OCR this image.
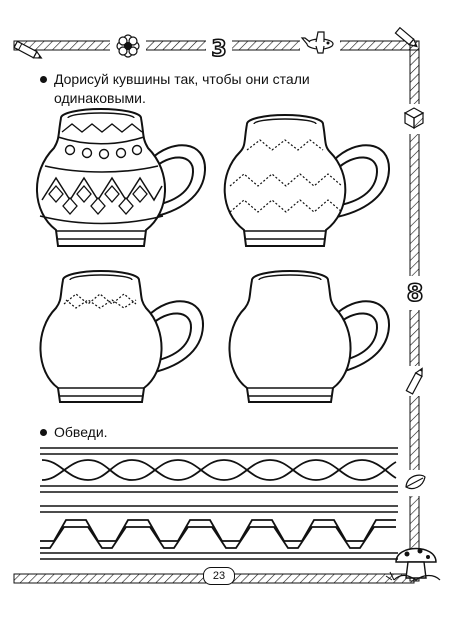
3
8
Дорисуй кувшины так, чтобы они стали
одинаковыми.
Обведи.
23
